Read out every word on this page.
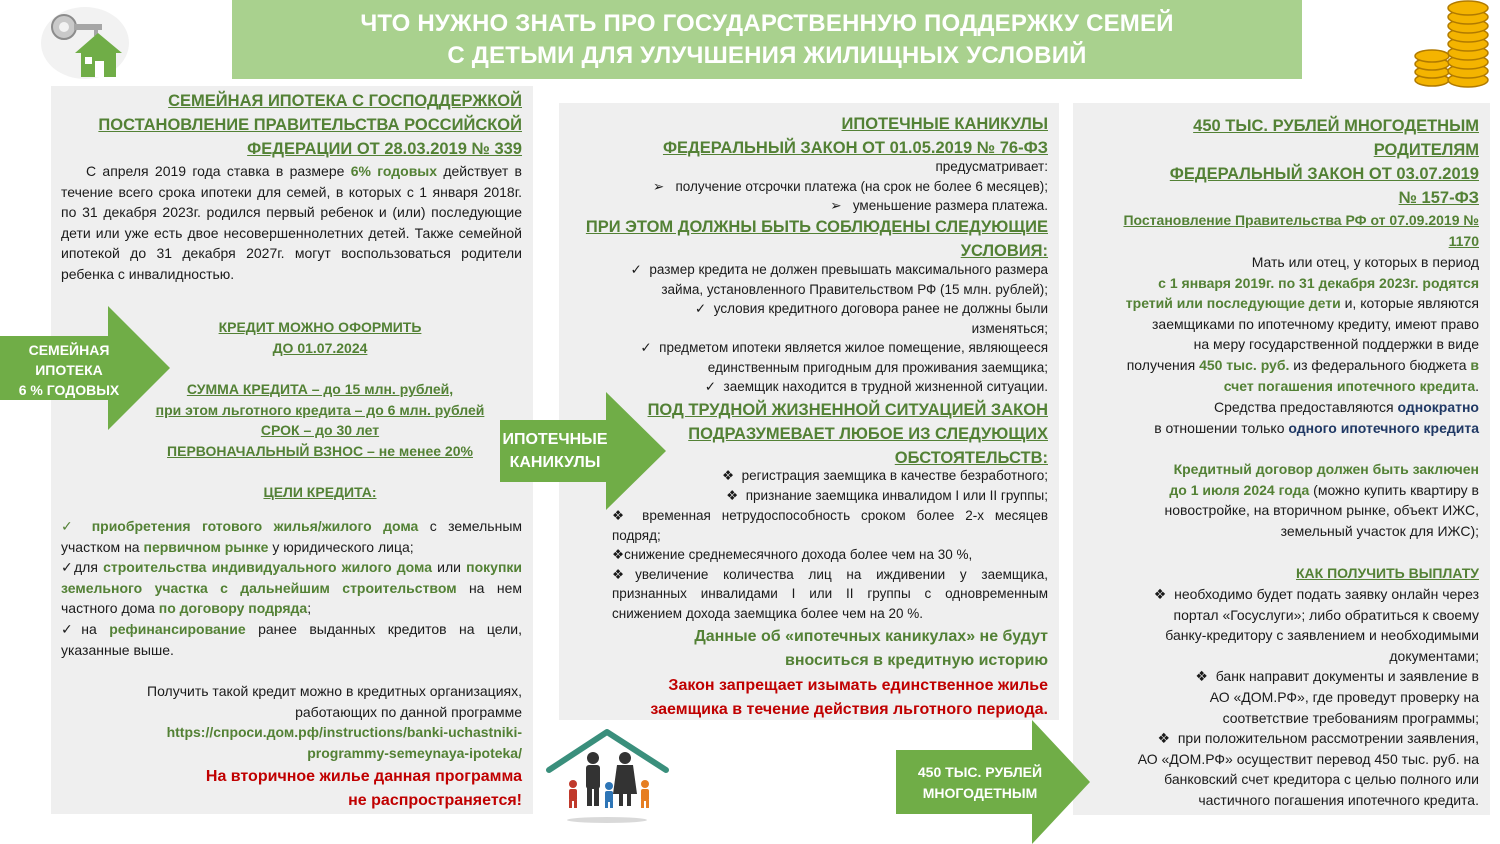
ЧТО НУЖНО ЗНАТЬ ПРО ГОСУДАРСТВЕННУЮ ПОДДЕРЖКУ СЕМЕЙ
С ДЕТЬМИ ДЛЯ УЛУЧШЕНИЯ ЖИЛИЩНЫХ УСЛОВИЙ
СЕМЕЙНАЯ ИПОТЕКА С ГОСПОДДЕРЖКОЙ
ПОСТАНОВЛЕНИЕ ПРАВИТЕЛЬСТВА РОССИЙСКОЙ
ФЕДЕРАЦИИ ОТ 28.03.2019 № 339
С апреля 2019 года ставка в размере 6% годовых действует в течение всего срока ипотеки для семей, в которых с 1 января 2018г. по 31 декабря 2023г. родился первый ребенок и (или) последующие дети или уже есть двое несовершеннолетних детей. Также семейной ипотекой до 31 декабря 2027г. могут воспользоваться родители ребенка с инвалидностью.
КРЕДИТ МОЖНО ОФОРМИТЬ
ДО 01.07.2024
СУММА КРЕДИТА – до 15 млн. рублей,
при этом льготного кредита – до 6 млн. рублей
СРОК – до 30 лет
ПЕРВОНАЧАЛЬНЫЙ ВЗНОС – не менее 20%
ЦЕЛИ КРЕДИТА:
✓ приобретения готового жилья/жилого дома с земельным участком на первичном рынке у юридического лица;
✓для строительства индивидуального жилого дома или покупки земельного участка с дальнейшим строительством на нем частного дома по договору подряда;
✓на рефинансирование ранее выданных кредитов на цели, указанные выше.
Получить такой кредит можно в кредитных организациях,
работающих по данной программе
https://спроси.дом.рф/instructions/banki-uchastniki-
programmy-semeynaya-ipoteka/
На вторичное жилье данная программа
не распространяется!
ИПОТЕЧНЫЕ КАНИКУЛЫ
ФЕДЕРАЛЬНЫЙ ЗАКОН ОТ 01.05.2019 № 76-ФЗ
предусматривает:
➢   получение отсрочки платежа (на срок не более 6 месяцев);
➢   уменьшение размера платежа.
ПРИ ЭТОМ ДОЛЖНЫ БЫТЬ СОБЛЮДЕНЫ СЛЕДУЮЩИЕ
УСЛОВИЯ:
✓  размер кредита не должен превышать максимального размера
займа, установленного Правительством РФ (15 млн. рублей);
✓  условия кредитного договора ранее не должны были
изменяться;
✓  предметом ипотеки является жилое помещение, являющееся
единственным пригодным для проживания заемщика;
✓  заемщик находится в трудной жизненной ситуации.
ПОД ТРУДНОЙ ЖИЗНЕННОЙ СИТУАЦИЕЙ ЗАКОН
ПОДРАЗУМЕВАЕТ ЛЮБОЕ ИЗ СЛЕДУЮЩИХ
ОБСТОЯТЕЛЬСТВ:
❖  регистрация заемщика в качестве безработного;
❖  признание заемщика инвалидом I или II группы;
❖ временная нетрудоспособность сроком более 2-х месяцев подряд;
❖снижение среднемесячного дохода более чем на 30 %,
❖увеличение количества лиц на иждивении у заемщика, признанных инвалидами I или II группы с одновременным снижением дохода заемщика более чем на 20 %.
Данные об «ипотечных каникулах» не будут
вноситься в кредитную историю
Закон запрещает изымать единственное жилье
заемщика в течение действия льготного периода.
450 ТЫС. РУБЛЕЙ МНОГОДЕТНЫМ
РОДИТЕЛЯМ
ФЕДЕРАЛЬНЫЙ ЗАКОН ОТ 03.07.2019
№ 157-ФЗ
Постановление Правительства РФ от 07.09.2019 №
1170
Мать или отец, у которых в период
с 1 января 2019г. по 31 декабря 2023г. родятся
третий или последующие дети и, которые являются
заемщиками по ипотечному кредиту, имеют право
на меру государственной поддержки в виде
получения 450 тыс. руб. из федерального бюджета в
счет погашения ипотечного кредита.
Средства предоставляются однократно
в отношении только одного ипотечного кредита
Кредитный договор должен быть заключен
до 1 июля 2024 года (можно купить квартиру в
новостройке, на вторичном рынке, объект ИЖС,
земельный участок для ИЖС);
КАК ПОЛУЧИТЬ ВЫПЛАТУ
❖  необходимо будет подать заявку онлайн через
портал «Госуслуги»; либо обратиться к своему
банку-кредитору с заявлением и необходимыми
документами;
❖  банк направит документы и заявление в
АО «ДОМ.РФ», где проведут проверку на
соответствие требованиям программы;
❖  при положительном рассмотрении заявления,
АО «ДОМ.РФ» осуществит перевод 450 тыс. руб. на
банковский счет кредитора с целью полного или
частичного погашения ипотечного кредита.
СЕМЕЙНАЯ
ИПОТЕКА
6 % ГОДОВЫХ
ИПОТЕЧНЫЕ
КАНИКУЛЫ
450 ТЫС. РУБЛЕЙ
МНОГОДЕТНЫМ
